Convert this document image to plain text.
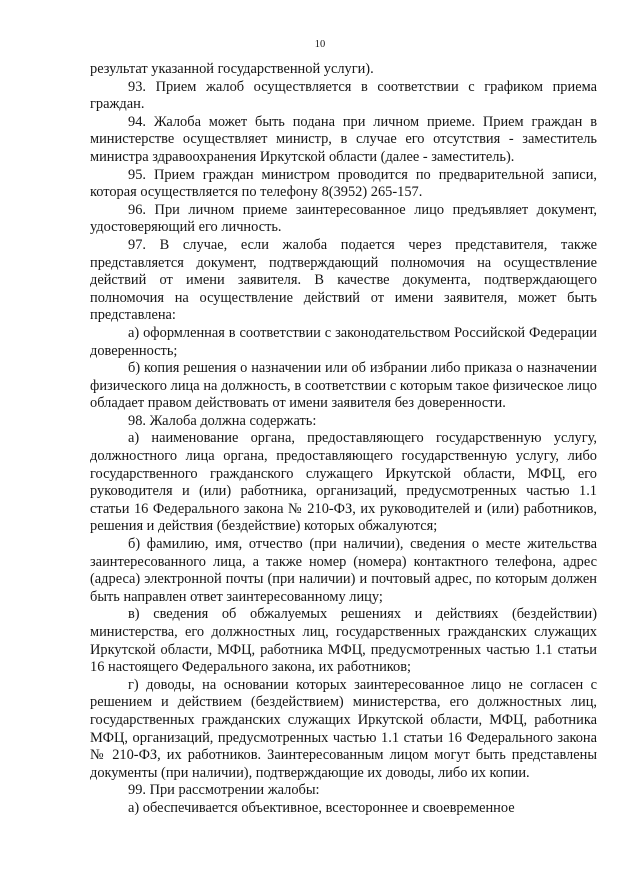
10

результат указанной государственной услуги).

93. Прием жалоб осуществляется в соответствии с графиком приема граждан.

94. Жалоба может быть подана при личном приеме. Прием граждан в министерстве осуществляет министр, в случае его отсутствия - заместитель министра здравоохранения Иркутской области (далее - заместитель).

95. Прием граждан министром проводится по предварительной записи, которая осуществляется по телефону 8(3952) 265-157.

96. При личном приеме заинтересованное лицо предъявляет документ, удостоверяющий его личность.

97. В случае, если жалоба подается через представителя, также представляется документ, подтверждающий полномочия на осуществление действий от имени заявителя. В качестве документа, подтверждающего полномочия на осуществление действий от имени заявителя, может быть представлена:

а) оформленная в соответствии с законодательством Российской Федерации доверенность;

б) копия решения о назначении или об избрании либо приказа о назначении физического лица на должность, в соответствии с которым такое физическое лицо обладает правом действовать от имени заявителя без доверенности.

98. Жалоба должна содержать:

а) наименование органа, предоставляющего государственную услугу, должностного лица органа, предоставляющего государственную услугу, либо государственного гражданского служащего Иркутской области, МФЦ, его руководителя и (или) работника, организаций, предусмотренных частью 1.1 статьи 16 Федерального закона № 210-ФЗ, их руководителей и (или) работников, решения и действия (бездействие) которых обжалуются;

б) фамилию, имя, отчество (при наличии), сведения о месте жительства заинтересованного лица, а также номер (номера) контактного телефона, адрес (адреса) электронной почты (при наличии) и почтовый адрес, по которым должен быть направлен ответ заинтересованному лицу;

в) сведения об обжалуемых решениях и действиях (бездействии) министерства, его должностных лиц, государственных гражданских служащих Иркутской области, МФЦ, работника МФЦ, предусмотренных частью 1.1 статьи 16 настоящего Федерального закона, их работников;

г) доводы, на основании которых заинтересованное лицо не согласен с решением и действием (бездействием) министерства, его должностных лиц, государственных гражданских служащих Иркутской области, МФЦ, работника МФЦ, организаций, предусмотренных частью 1.1 статьи 16 Федерального закона № 210-ФЗ, их работников. Заинтересованным лицом могут быть представлены документы (при наличии), подтверждающие их доводы, либо их копии.

99. При рассмотрении жалобы:

а) обеспечивается объективное, всестороннее и своевременное
